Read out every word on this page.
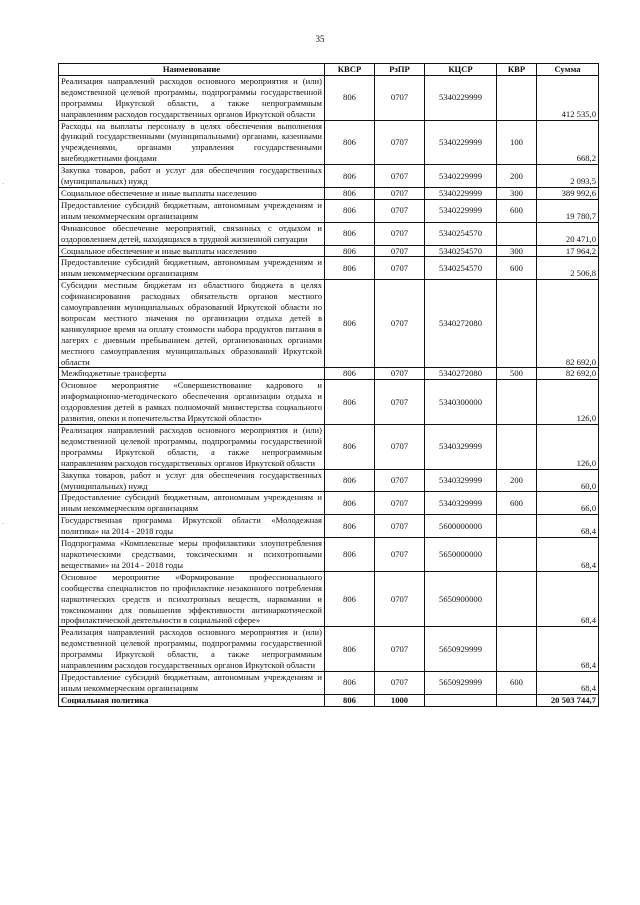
35
Наименование	КВСР	РзПР	КЦСР	КВР	Сумма
Реализация направлений расходов основного мероприятия и (или) ведомственной целевой программы, подпрограммы государственной программы Иркутской области, а также непрограммным направлениям расходов государственных органов Иркутской области	806	0707	5340229999		412 535,0
Расходы на выплаты персоналу в целях обеспечения выполнения функций государственными (муниципальными) органами, казенными учреждениями, органами управления государственными внебюджетными фондами	806	0707	5340229999	100	668,2
Закупка товаров, работ и услуг для обеспечения государственных (муниципальных) нужд	806	0707	5340229999	200	2 093,5
Социальное обеспечение и иные выплаты населению	806	0707	5340229999	300	389 992,6
Предоставление субсидий бюджетным, автономным учреждениям и иным некоммерческим организациям	806	0707	5340229999	600	19 780,7
Финансовое обеспечение мероприятий, связанных с отдыхом и оздоровлением детей, находящихся в трудной жизненной ситуации	806	0707	5340254570		20 471,0
Социальное обеспечение и иные выплаты населению	806	0707	5340254570	300	17 964,2
Предоставление субсидий бюджетным, автономным учреждениям и иным некоммерческим организациям	806	0707	5340254570	600	2 506,8
Субсидии местным бюджетам из областного бюджета в целях софинансирования расходных обязательств органов местного самоуправления муниципальных образований Иркутской области по вопросам местного значения по организации отдыха детей в каникулярное время на оплату стоимости набора продуктов питания в лагерях с дневным пребыванием детей, организованных органами местного самоуправления муниципальных образований Иркутской области	806	0707	5340272080		82 692,0
Межбюджетные трансферты	806	0707	5340272080	500	82 692,0
Основное мероприятие «Совершенствование кадрового и информационно-методического обеспечения организации отдыха и оздоровления детей в рамках полномочий министерства социального развития, опеки и попечительства Иркутской области»	806	0707	5340300000		126,0
Реализация направлений расходов основного мероприятия и (или) ведомственной целевой программы, подпрограммы государственной программы Иркутской области, а также непрограммным направлениям расходов государственных органов Иркутской области	806	0707	5340329999		126,0
Закупка товаров, работ и услуг для обеспечения государственных (муниципальных) нужд	806	0707	5340329999	200	60,0
Предоставление субсидий бюджетным, автономным учреждениям и иным некоммерческим организациям	806	0707	5340329999	600	66,0
Государственная программа Иркутской области «Молодежная политика» на 2014 - 2018 годы	806	0707	5600000000		68,4
Подпрограмма «Комплексные меры профилактики злоупотребления наркотическими средствами, токсическими и психотропными веществами» на 2014 - 2018 годы	806	0707	5650000000		68,4
Основное мероприятие «Формирование профессионального сообщества специалистов по профилактике незаконного потребления наркотических средств и психотропных веществ, наркомании и токсикомании для повышения эффективности антинаркотической профилактической деятельности в социальной сфере»	806	0707	5650900000		68,4
Реализация направлений расходов основного мероприятия и (или) ведомственной целевой программы, подпрограммы государственной программы Иркутской области, а также непрограммным направлениям расходов государственных органов Иркутской области	806	0707	5650929999		68,4
Предоставление субсидий бюджетным, автономным учреждениям и иным некоммерческим организациям	806	0707	5650929999	600	68,4
Социальная политика	806	1000			20 503 744,7
·
·
